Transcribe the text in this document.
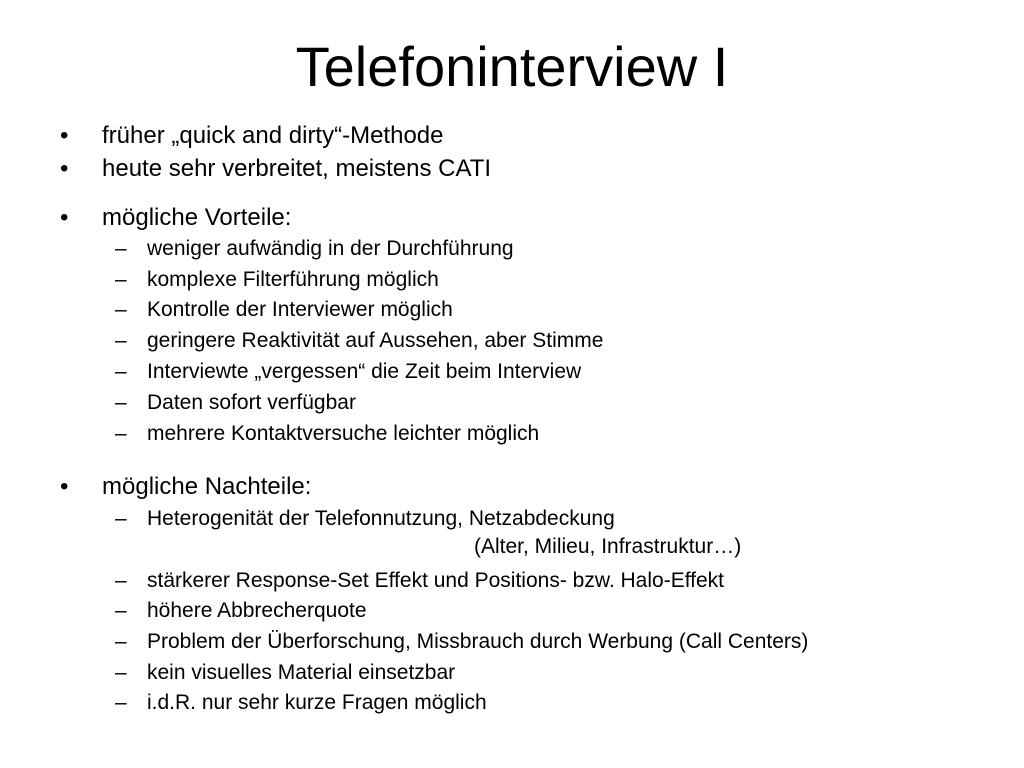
Telefoninterview I
• früher „quick and dirty“-Methode
• heute sehr verbreitet, meistens CATI
• mögliche Vorteile:
– weniger aufwändig in der Durchführung
– komplexe Filterführung möglich
– Kontrolle der Interviewer möglich
– geringere Reaktivität auf Aussehen, aber Stimme
– Interviewte „vergessen“ die Zeit beim Interview
– Daten sofort verfügbar
– mehrere Kontaktversuche leichter möglich
• mögliche Nachteile:
– Heterogenität der Telefonnutzung, Netzabdeckung
(Alter, Milieu, Infrastruktur…)
– stärkerer Response-Set Effekt und Positions- bzw. Halo-Effekt
– höhere Abbrecherquote
– Problem der Überforschung, Missbrauch durch Werbung (Call Centers)
– kein visuelles Material einsetzbar
– i.d.R. nur sehr kurze Fragen möglich
